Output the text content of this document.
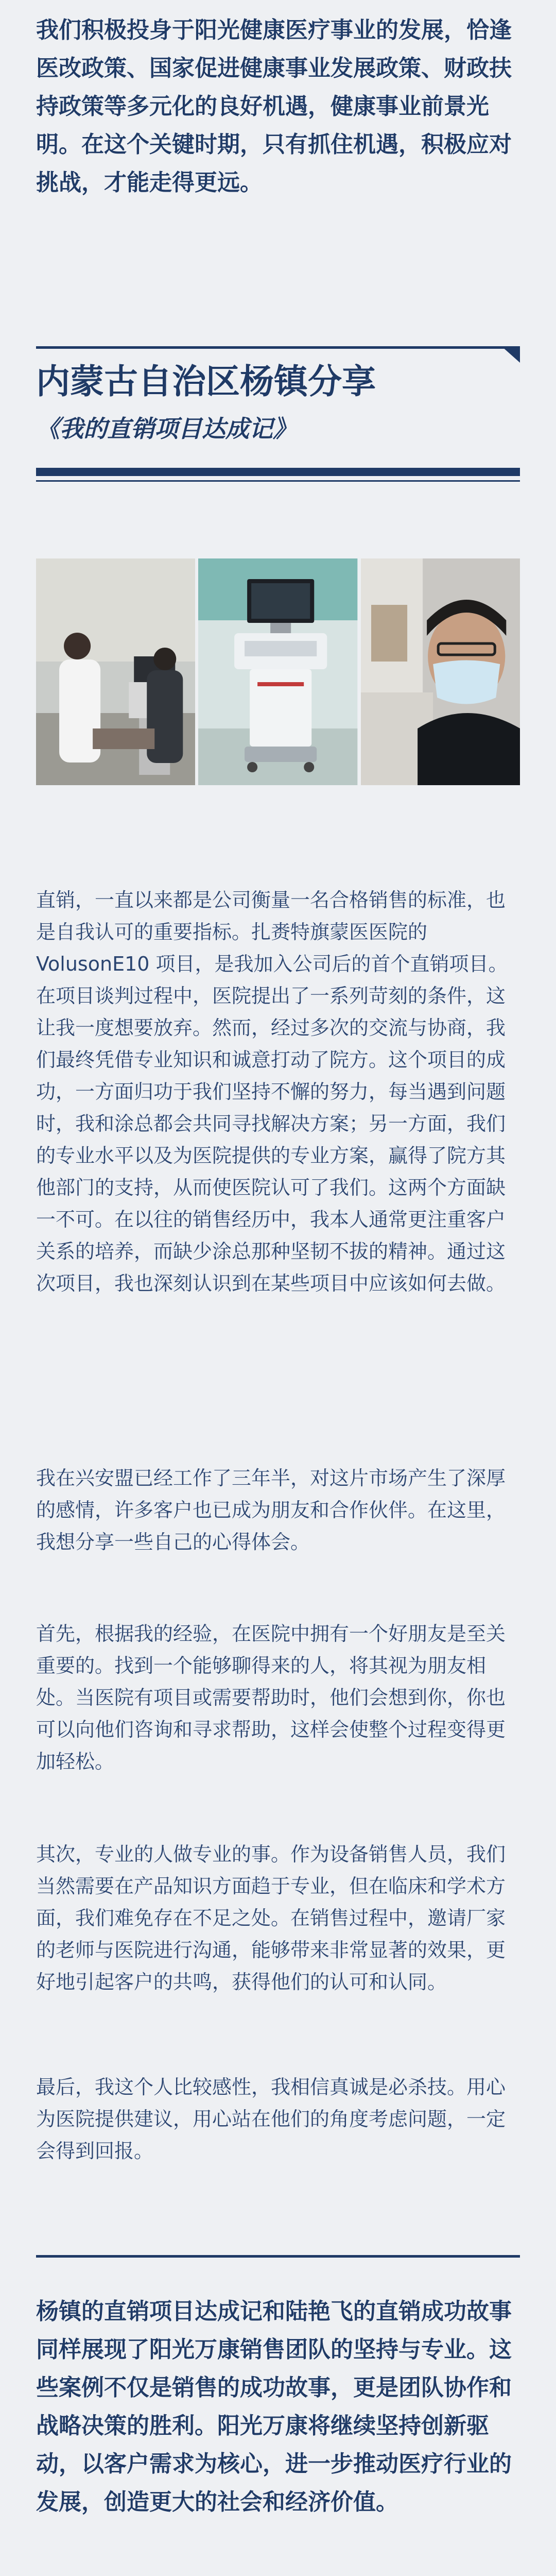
我们积极投身于阳光健康医疗事业的发展，恰逢医改政策、国家促进健康事业发展政策、财政扶持政策等多元化的良好机遇，健康事业前景光明。在这个关键时期，只有抓住机遇，积极应对挑战，才能走得更远。

内蒙古自治区杨镇分享
《我的直销项目达成记》

直销，一直以来都是公司衡量一名合格销售的标准，也是自我认可的重要指标。扎赉特旗蒙医医院的 VolusonE10 项目，是我加入公司后的首个直销项目。在项目谈判过程中，医院提出了一系列苛刻的条件，这让我一度想要放弃。然而，经过多次的交流与协商，我们最终凭借专业知识和诚意打动了院方。这个项目的成功，一方面归功于我们坚持不懈的努力，每当遇到问题时，我和涂总都会共同寻找解决方案；另一方面，我们的专业水平以及为医院提供的专业方案，赢得了院方其他部门的支持，从而使医院认可了我们。这两个方面缺一不可。在以往的销售经历中，我本人通常更注重客户关系的培养，而缺少涂总那种坚韧不拔的精神。通过这次项目，我也深刻认识到在某些项目中应该如何去做。

我在兴安盟已经工作了三年半，对这片市场产生了深厚的感情，许多客户也已成为朋友和合作伙伴。在这里，我想分享一些自己的心得体会。

首先，根据我的经验，在医院中拥有一个好朋友是至关重要的。找到一个能够聊得来的人，将其视为朋友相处。当医院有项目或需要帮助时，他们会想到你，你也可以向他们咨询和寻求帮助，这样会使整个过程变得更加轻松。

其次，专业的人做专业的事。作为设备销售人员，我们当然需要在产品知识方面趋于专业，但在临床和学术方面，我们难免存在不足之处。在销售过程中，邀请厂家的老师与医院进行沟通，能够带来非常显著的效果，更好地引起客户的共鸣，获得他们的认可和认同。

最后，我这个人比较感性，我相信真诚是必杀技。用心为医院提供建议，用心站在他们的角度考虑问题，一定会得到回报。

杨镇的直销项目达成记和陆艳飞的直销成功故事同样展现了阳光万康销售团队的坚持与专业。这些案例不仅是销售的成功故事，更是团队协作和战略决策的胜利。阳光万康将继续坚持创新驱动，以客户需求为核心，进一步推动医疗行业的发展，创造更大的社会和经济价值。
